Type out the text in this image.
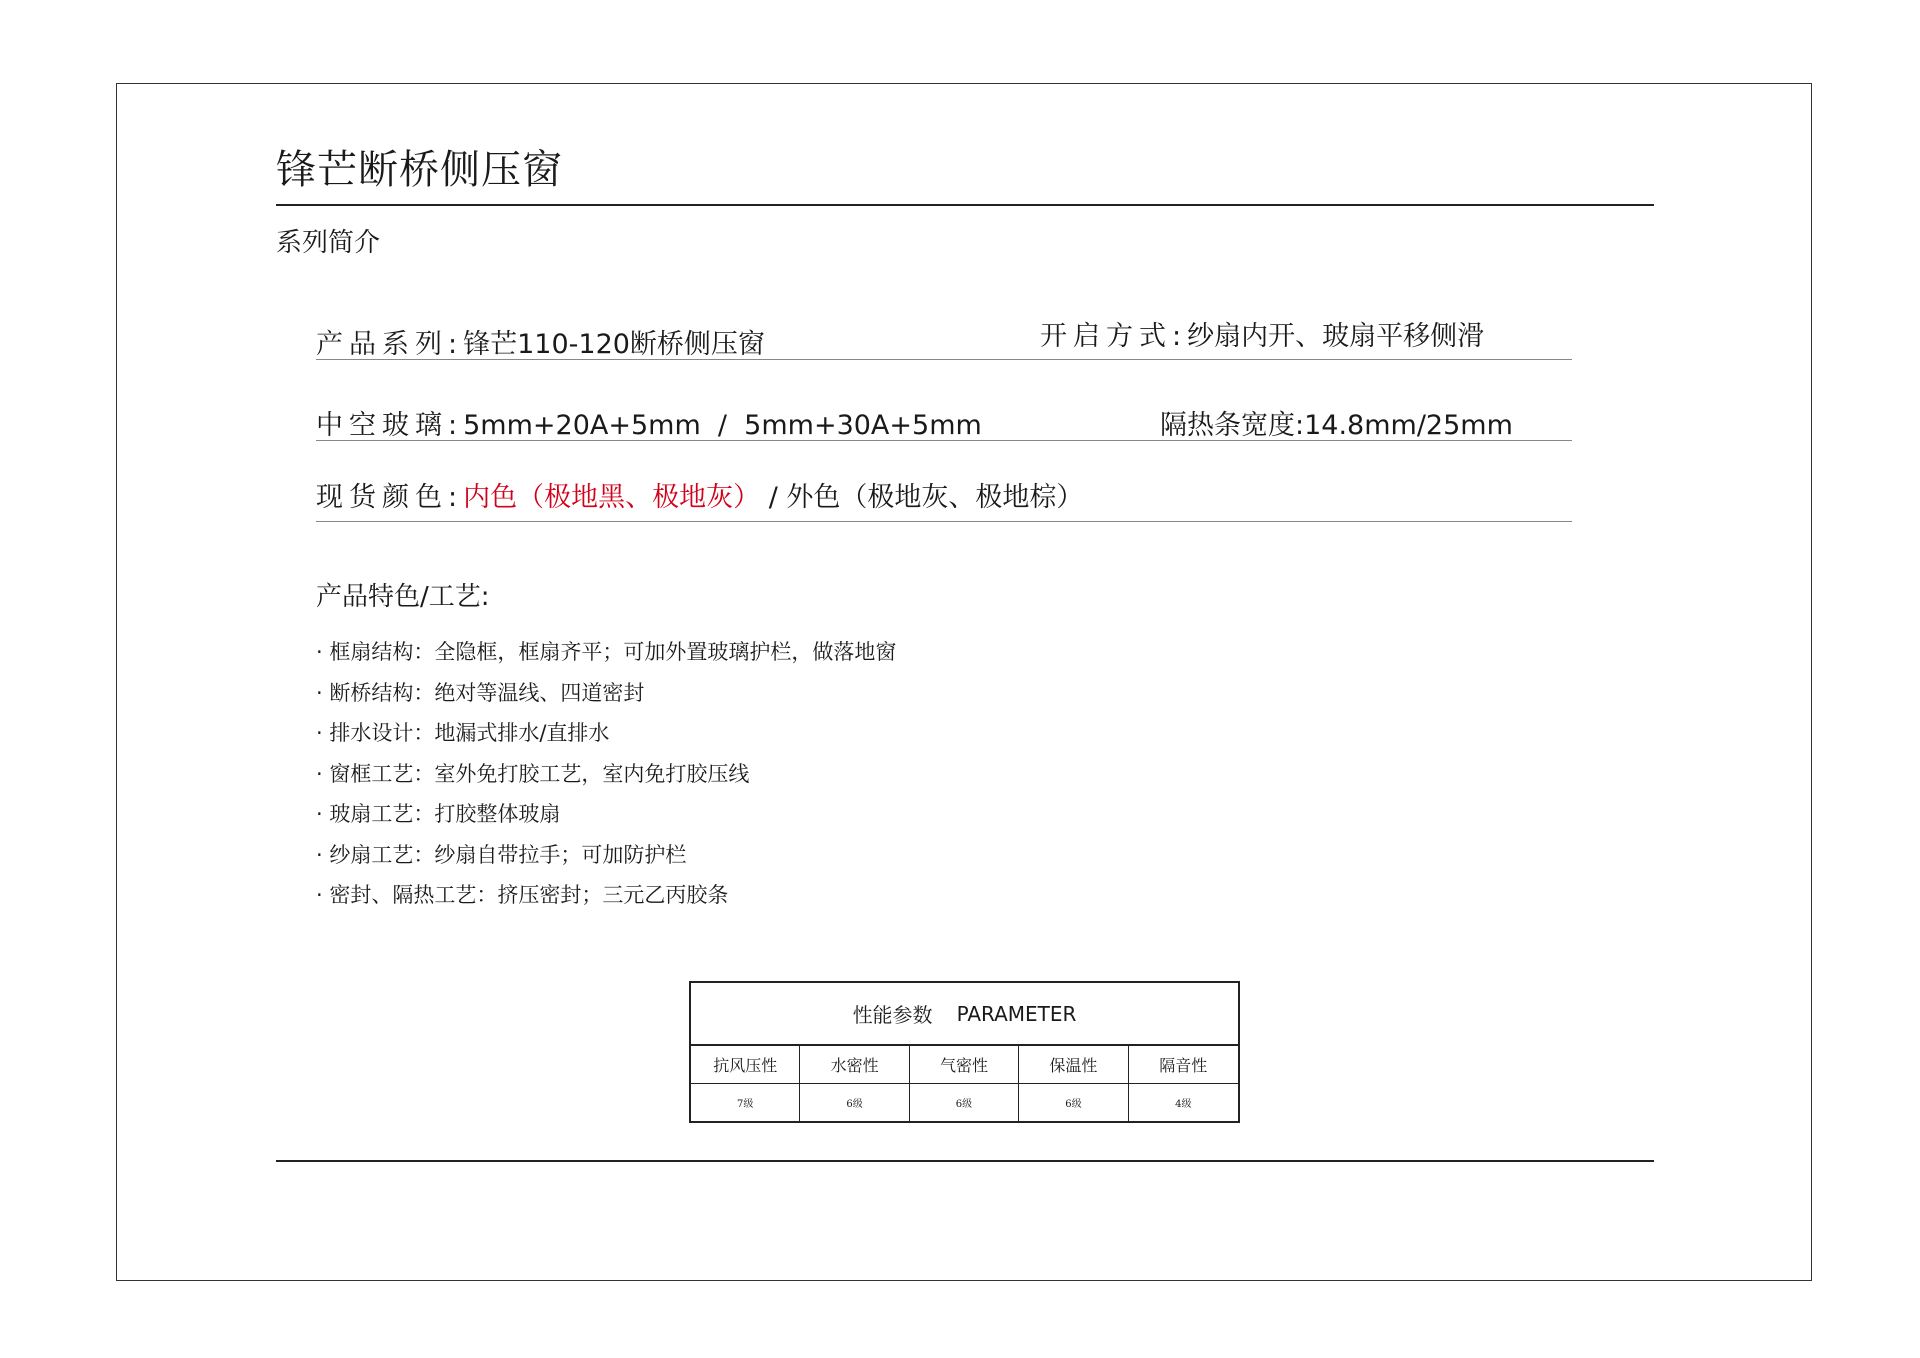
锋芒断桥侧压窗
系列简介
产品系列:锋芒110-120断桥侧压窗	开启方式:纱扇内开、玻扇平移侧滑
中空玻璃:5mm+20A+5mm  /  5mm+30A+5mm	隔热条宽度:14.8mm/25mm
现货颜色:内色（极地黑、极地灰） / 外色（极地灰、极地棕）
产品特色/工艺:
· 框扇结构：全隐框，框扇齐平；可加外置玻璃护栏，做落地窗
· 断桥结构：绝对等温线、四道密封
· 排水设计：地漏式排水/直排水
· 窗框工艺：室外免打胶工艺，室内免打胶压线
· 玻扇工艺：打胶整体玻扇
· 纱扇工艺：纱扇自带拉手；可加防护栏
· 密封、隔热工艺：挤压密封；三元乙丙胶条
性能参数 PARAMETER
抗风压性	水密性	气密性	保温性	隔音性
7级	6级	6级	6级	4级
